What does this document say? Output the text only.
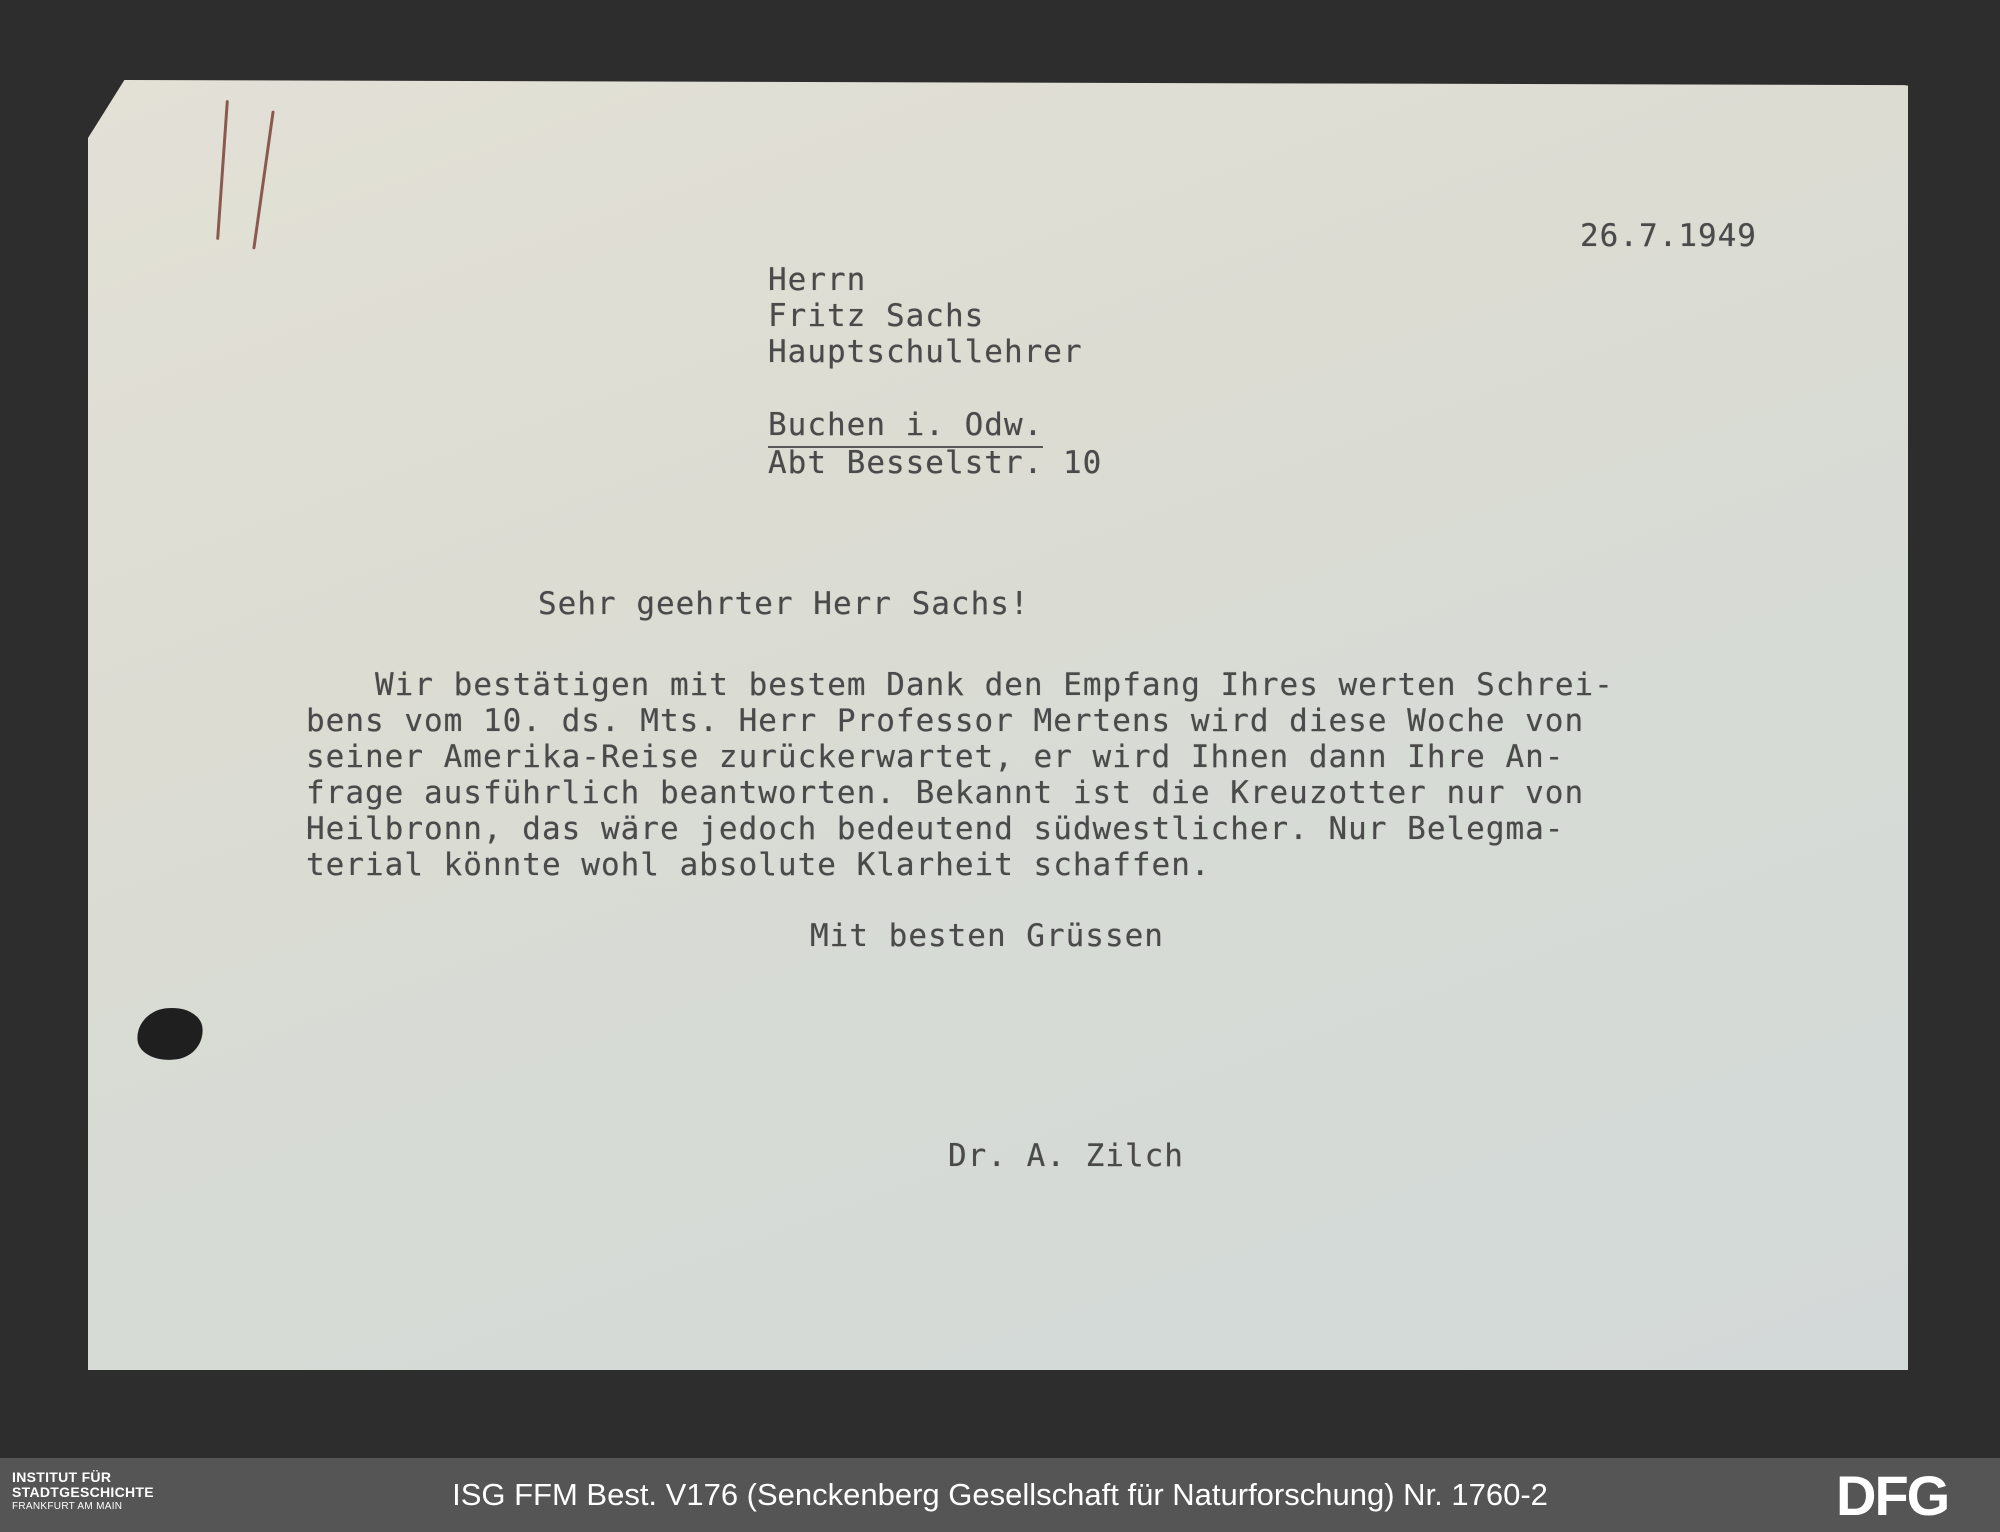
26.7.1949
Herrn
Fritz Sachs
Hauptschullehrer
Buchen i. Odw.
Abt Besselstr. 10
Sehr geehrter Herr Sachs!
Wir bestätigen mit bestem Dank den Empfang Ihres werten Schrei-
bens vom 10. ds. Mts. Herr Professor Mertens wird diese Woche von
seiner Amerika-Reise zurückerwartet, er wird Ihnen dann Ihre An-
frage ausführlich beantworten. Bekannt ist die Kreuzotter nur von
Heilbronn, das wäre jedoch bedeutend südwestlicher. Nur Belegma-
terial könnte wohl absolute Klarheit schaffen.
Mit besten Grüssen
Dr. A. Zilch
INSTITUT FÜR
STADTGESCHICHTE
FRANKFURT AM MAIN	ISG FFM Best. V176 (Senckenberg Gesellschaft für Naturforschung) Nr. 1760-2	DFG
